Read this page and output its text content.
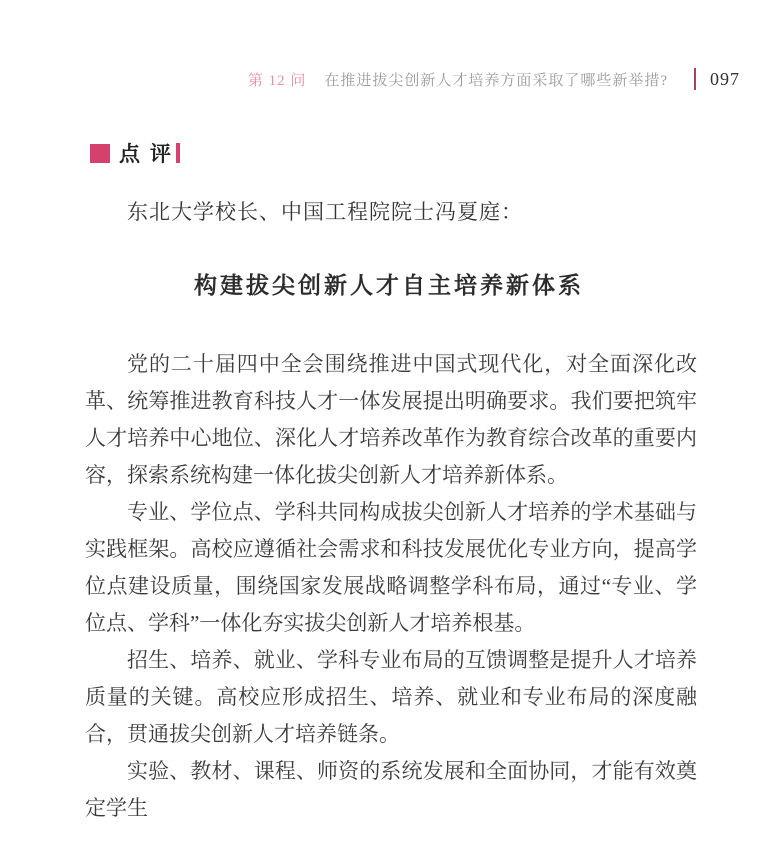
第 12 问 在推进拔尖创新人才培养方面采取了哪些新举措? 097
点 评

东北大学校长、中国工程院院士冯夏庭：

构建拔尖创新人才自主培养新体系

党的二十届四中全会围绕推进中国式现代化，对全面深化改革、统筹推进教育科技人才一体发展提出明确要求。我们要把筑牢人才培养中心地位、深化人才培养改革作为教育综合改革的重要内容，探索系统构建一体化拔尖创新人才培养新体系。

专业、学位点、学科共同构成拔尖创新人才培养的学术基础与实践框架。高校应遵循社会需求和科技发展优化专业方向，提高学位点建设质量，围绕国家发展战略调整学科布局，通过“专业、学位点、学科”一体化夯实拔尖创新人才培养根基。

招生、培养、就业、学科专业布局的互馈调整是提升人才培养质量的关键。高校应形成招生、培养、就业和专业布局的深度融合，贯通拔尖创新人才培养链条。

实验、教材、课程、师资的系统发展和全面协同，才能有效奠定学生
